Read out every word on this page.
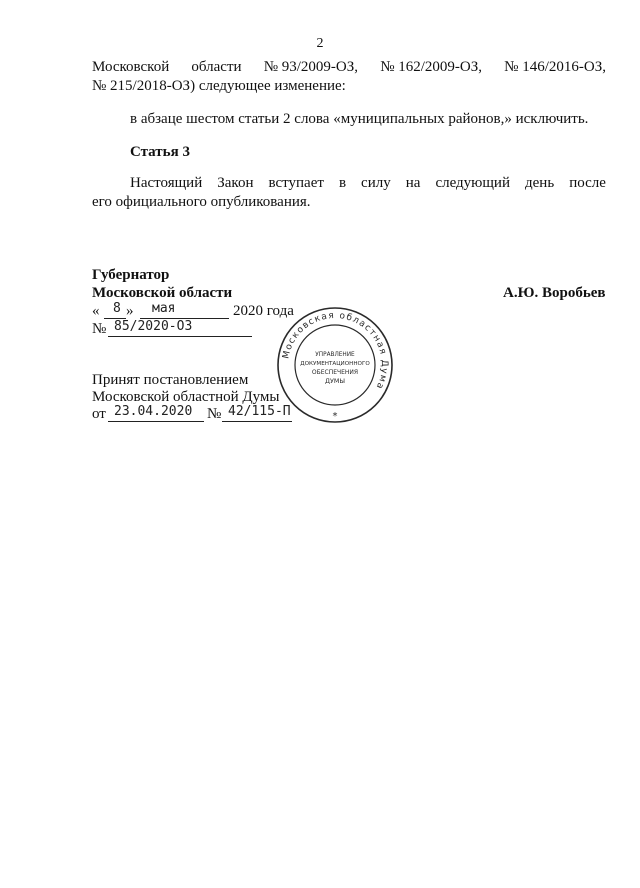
2
Московской области № 93/2009-ОЗ, № 162/2009-ОЗ, № 146/2016-ОЗ,
№ 215/2018-ОЗ) следующее изменение:
в абзаце шестом статьи 2 слова «муниципальных районов,» исключить.
Статья 3
Настоящий Закон вступает в силу на следующий день после
его официального опубликования.
Губернатор
Московской области	А.Ю. Воробьев
« 8 » мая	2020 года
№ 85/2020-ОЗ
Принят постановлением
Московской областной Думы
от 23.04.2020 № 42/115-П
Московская областная Дума
УПРАВЛЕНИЕ
ДОКУМЕНТАЦИОННОГО
ОБЕСПЕЧЕНИЯ
ДУМЫ
*
